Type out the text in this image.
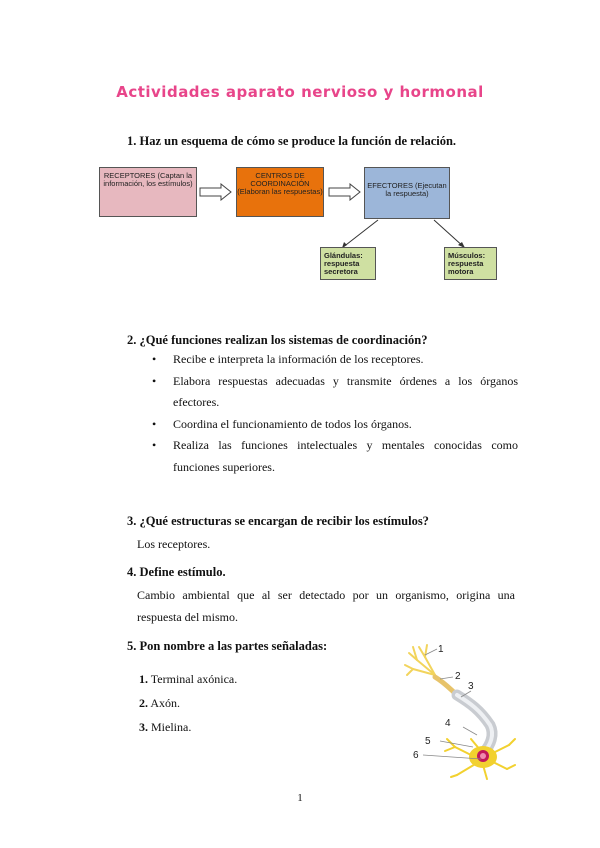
Actividades aparato nervioso y hormonal
1. Haz un esquema de cómo se produce la función de relación.
RECEPTORES (Captan la información, los estímulos)
CENTROS DE COORDINACIÓN (Elaboran las respuestas)
EFECTORES (Ejecutan la respuesta)
Glándulas: respuesta secretora
Músculos: respuesta motora
2. ¿Qué funciones realizan los sistemas de coordinación?
• Recibe e interpreta la información de los receptores.
• Elabora respuestas adecuadas y transmite órdenes a los órganos efectores.
• Coordina el funcionamiento de todos los órganos.
• Realiza las funciones intelectuales y mentales conocidas como funciones superiores.
3. ¿Qué estructuras se encargan de recibir los estímulos?
Los receptores.
4. Define estímulo.
Cambio ambiental que al ser detectado por un organismo, origina una respuesta del mismo.
5. Pon nombre a las partes señaladas:
1. Terminal axónica.
2. Axón.
3. Mielina.
1
2
3
4
5
6
1
